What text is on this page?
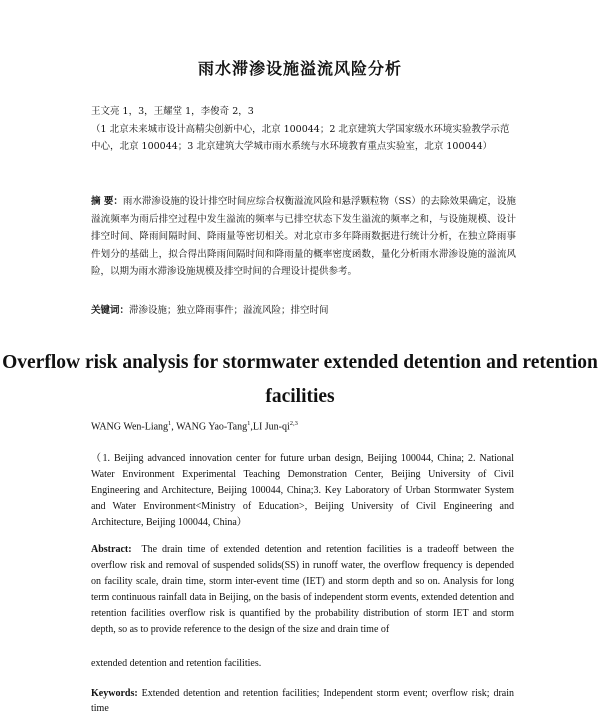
雨水滞渗设施溢流风险分析
王文亮 1，3，王耀堂 1，李俊奇 2，3
（1 北京未来城市设计高精尖创新中心，北京 100044；2 北京建筑大学国家级水环境实验教学示范中心，北京 100044；3 北京建筑大学城市雨水系统与水环境教育重点实验室，北京 100044）
摘 要：雨水滞渗设施的设计排空时间应综合权衡溢流风险和悬浮颗粒物（SS）的去除效果确定，设施溢流频率为雨后排空过程中发生溢流的频率与已排空状态下发生溢流的频率之和，与设施规模、设计排空时间、降雨间隔时间、降雨量等密切相关。对北京市多年降雨数据进行统计分析，在独立降雨事件划分的基础上，拟合得出降雨间隔时间和降雨量的概率密度函数，量化分析雨水滞渗设施的溢流风险，以期为雨水滞渗设施规模及排空时间的合理设计提供参考。
关键词：滞渗设施；独立降雨事件；溢流风险；排空时间
Overflow risk analysis for stormwater extended detention and retention facilities
WANG Wen-Liang$^1$, WANG Yao-Tang$^1$,LI Jun-qi$^{2,3}$
（1. Beijing advanced innovation center for future urban design, Beijing 100044, China; 2. National Water Environment Experimental Teaching Demonstration Center, Beijing University of Civil Engineering and Architecture, Beijing 100044, China;3. Key Laboratory of Urban Stormwater System and Water Environment<Ministry of Education>, Beijing University of Civil Engineering and Architecture, Beijing 100044, China）
Abstract: The drain time of extended detention and retention facilities is a tradeoff between the overflow risk and removal of suspended solids(SS) in runoff water, the overflow frequency is depended on facility scale, drain time, storm inter-event time (IET) and storm depth and so on. Analysis for long term continuous rainfall data in Beijing, on the basis of independent storm events, extended detention and retention facilities overflow risk is quantified by the probability distribution of storm IET and storm depth, so as to provide reference to the design of the size and drain time of
extended detention and retention facilities.
Keywords: Extended detention and retention facilities; Independent storm event; overflow risk; drain time
